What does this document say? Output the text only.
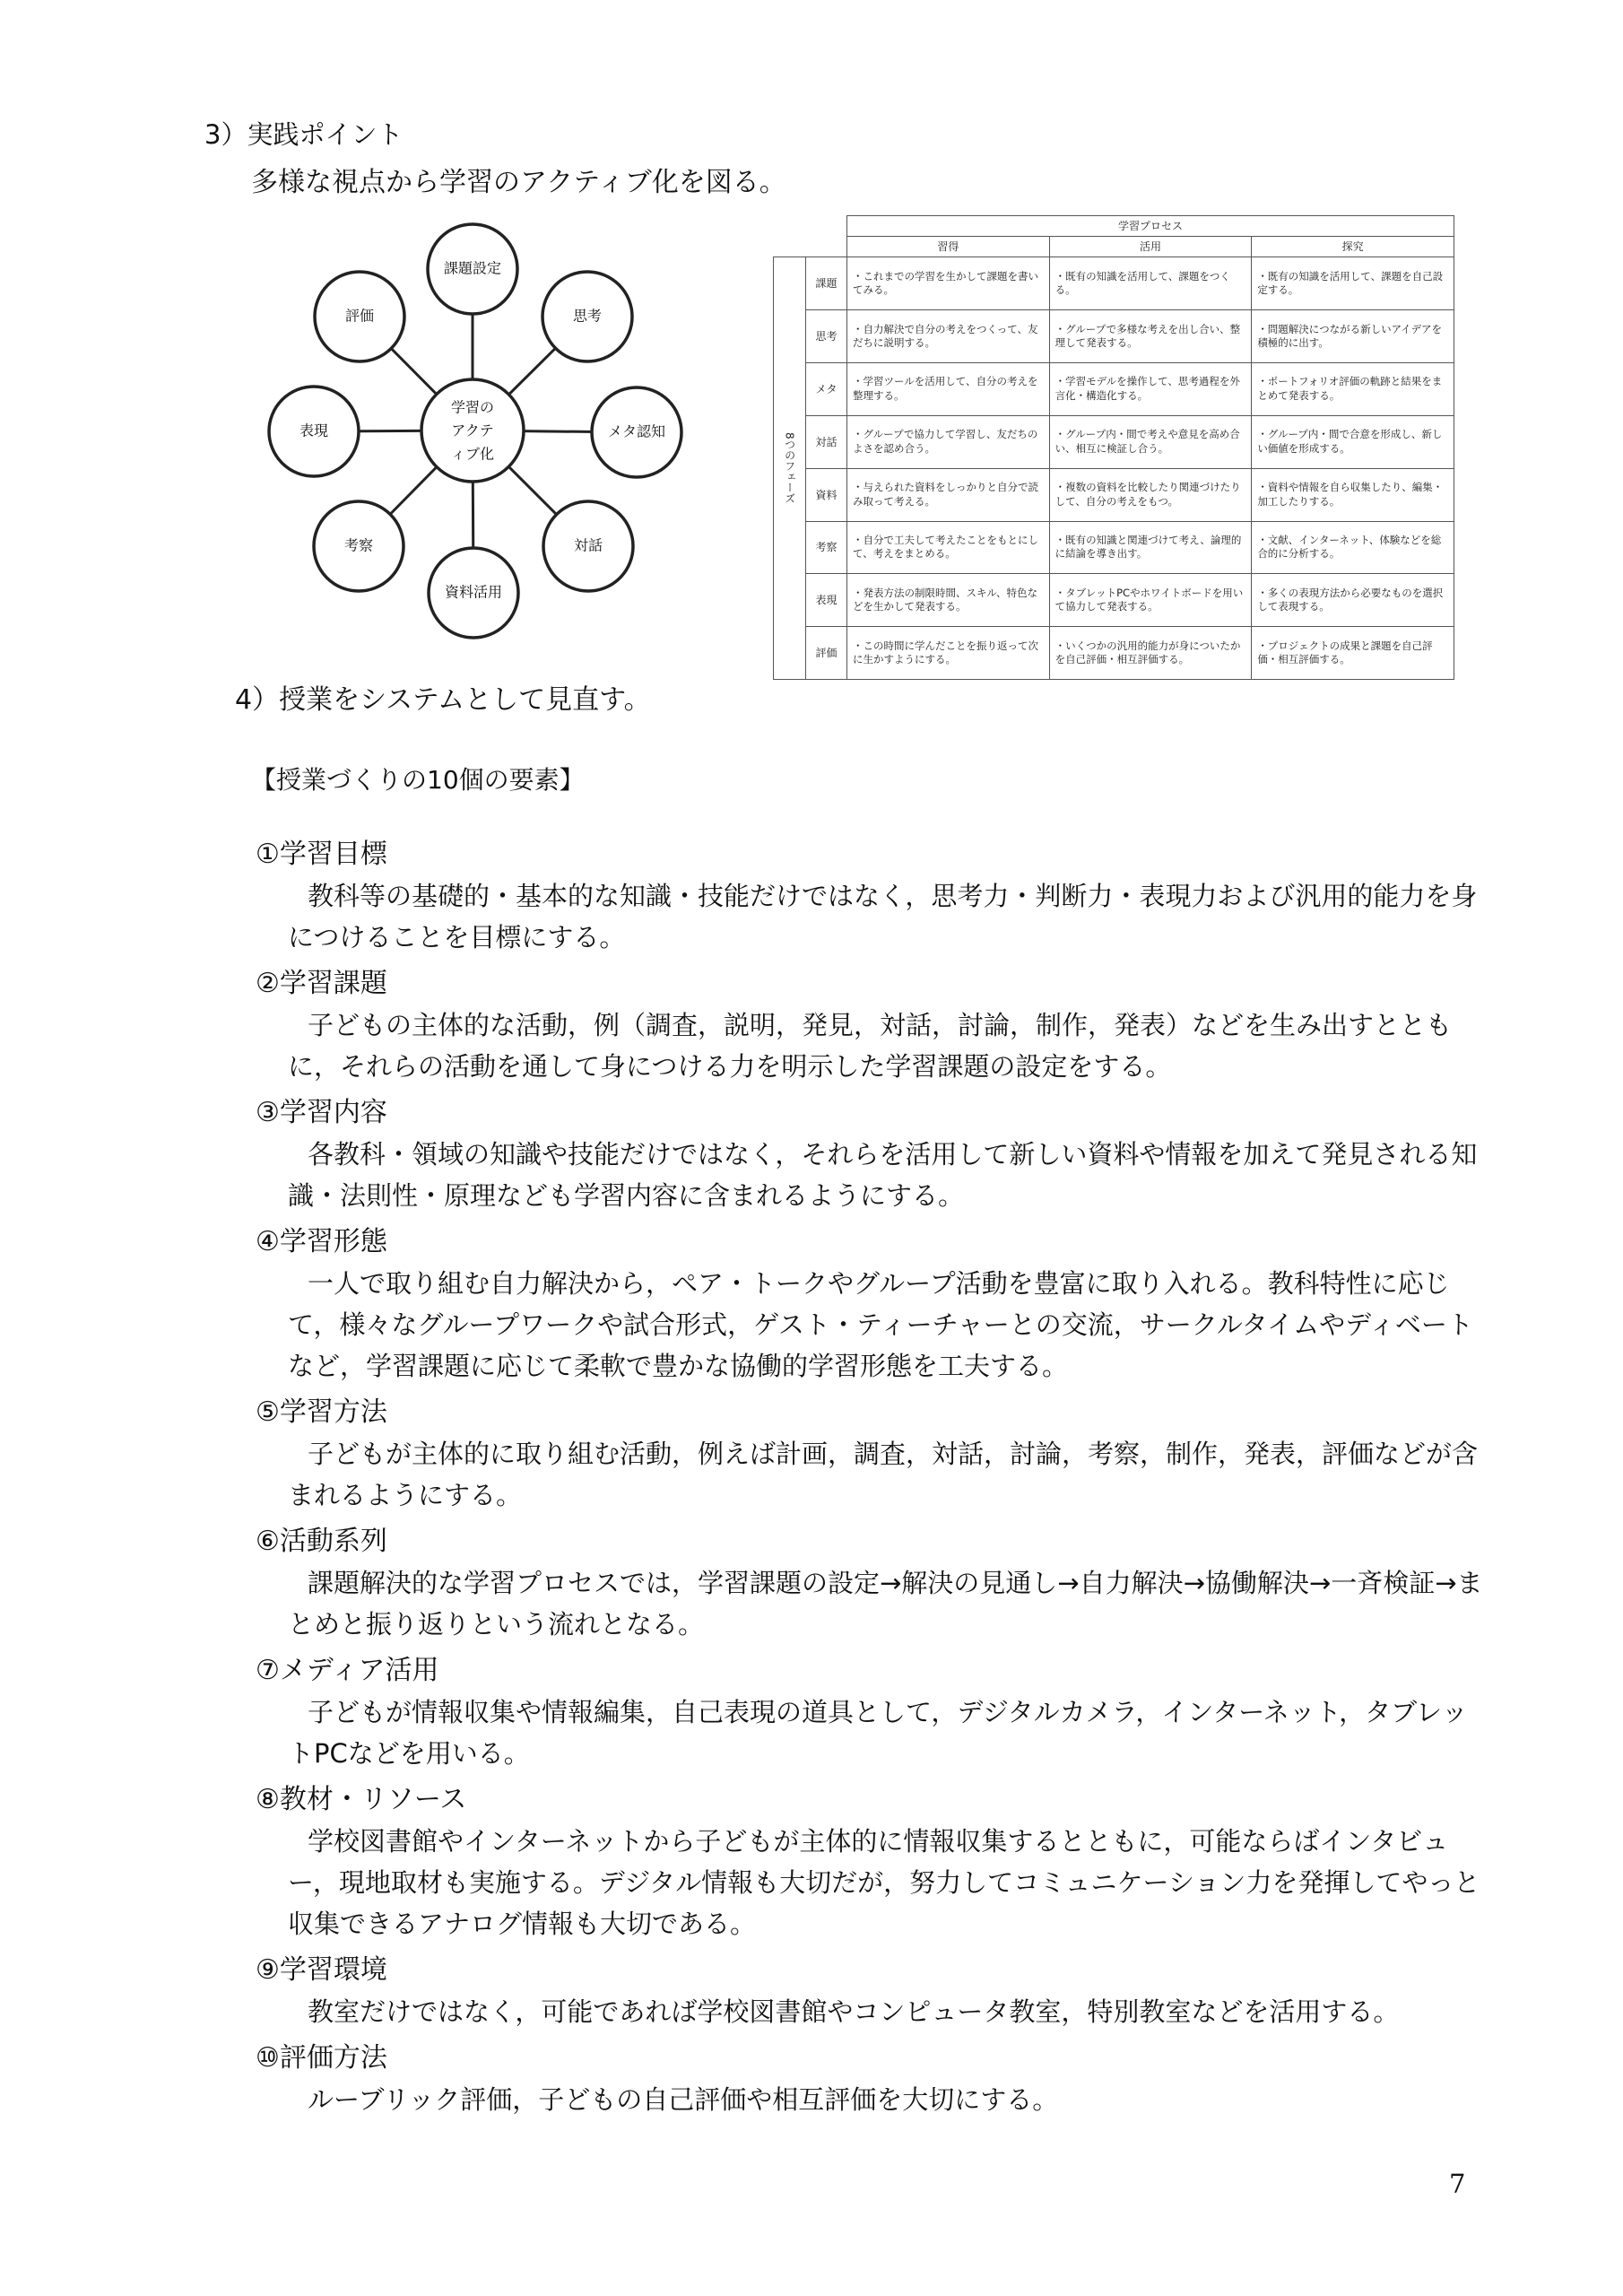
3）実践ポイント
多様な視点から学習のアクティブ化を図る。
学習の
アクテ
ィブ化
課題設定
思考
メタ認知
対話
資料活用
考察
表現
評価
		学習プロセス		
		習得	活用	探究
8つのフェーズ	課題	・これまでの学習を生かして課題を書いてみる。	・既有の知識を活用して、課題をつくる。	・既有の知識を活用して、課題を自己設定する。
	思考	・自力解決で自分の考えをつくって、友だちに説明する。	・グループで多様な考えを出し合い、整理して発表する。	・問題解決につながる新しいアイデアを積極的に出す。
	メタ	・学習ツールを活用して、自分の考えを整理する。	・学習モデルを操作して、思考過程を外言化・構造化する。	・ポートフォリオ評価の軌跡と結果をまとめて発表する。
	対話	・グループで協力して学習し、友だちのよさを認め合う。	・グループ内・間で考えや意見を高め合い、相互に検証し合う。	・グループ内・間で合意を形成し、新しい価値を形成する。
	資料	・与えられた資料をしっかりと自分で読み取って考える。	・複数の資料を比較したり関連づけたりして、自分の考えをもつ。	・資料や情報を自ら収集したり、編集・加工したりする。
	考察	・自分で工夫して考えたことをもとにして、考えをまとめる。	・既有の知識と関連づけて考え、論理的に結論を導き出す。	・文献、インターネット、体験などを総合的に分析する。
	表現	・発表方法の制限時間、スキル、特色などを生かして発表する。	・タブレットPCやホワイトボードを用いて協力して発表する。	・多くの表現方法から必要なものを選択して表現する。
	評価	・この時間に学んだことを振り返って次に生かすようにする。	・いくつかの汎用的能力が身についたかを自己評価・相互評価する。	・プロジェクトの成果と課題を自己評価・相互評価する。
4）授業をシステムとして見直す。
【授業づくりの10個の要素】
①学習目標
教科等の基礎的・基本的な知識・技能だけではなく，思考力・判断力・表現力および汎用的能力を身につけることを目標にする。
②学習課題
子どもの主体的な活動，例（調査，説明，発見，対話，討論，制作，発表）などを生み出すとともに，それらの活動を通して身につける力を明示した学習課題の設定をする。
③学習内容
各教科・領域の知識や技能だけではなく，それらを活用して新しい資料や情報を加えて発見される知識・法則性・原理なども学習内容に含まれるようにする。
④学習形態
一人で取り組む自力解決から，ペア・トークやグループ活動を豊富に取り入れる。教科特性に応じて，様々なグループワークや試合形式，ゲスト・ティーチャーとの交流，サークルタイムやディベートなど，学習課題に応じて柔軟で豊かな協働的学習形態を工夫する。
⑤学習方法
子どもが主体的に取り組む活動，例えば計画，調査，対話，討論，考察，制作，発表，評価などが含まれるようにする。
⑥活動系列
課題解決的な学習プロセスでは，学習課題の設定→解決の見通し→自力解決→協働解決→一斉検証→まとめと振り返りという流れとなる。
⑦メディア活用
子どもが情報収集や情報編集，自己表現の道具として，デジタルカメラ，インターネット，タブレットPCなどを用いる。
⑧教材・リソース
学校図書館やインターネットから子どもが主体的に情報収集するとともに，可能ならばインタビュー，現地取材も実施する。デジタル情報も大切だが，努力してコミュニケーション力を発揮してやっと収集できるアナログ情報も大切である。
⑨学習環境
教室だけではなく，可能であれば学校図書館やコンピュータ教室，特別教室などを活用する。
⑩評価方法
ルーブリック評価，子どもの自己評価や相互評価を大切にする。
7
